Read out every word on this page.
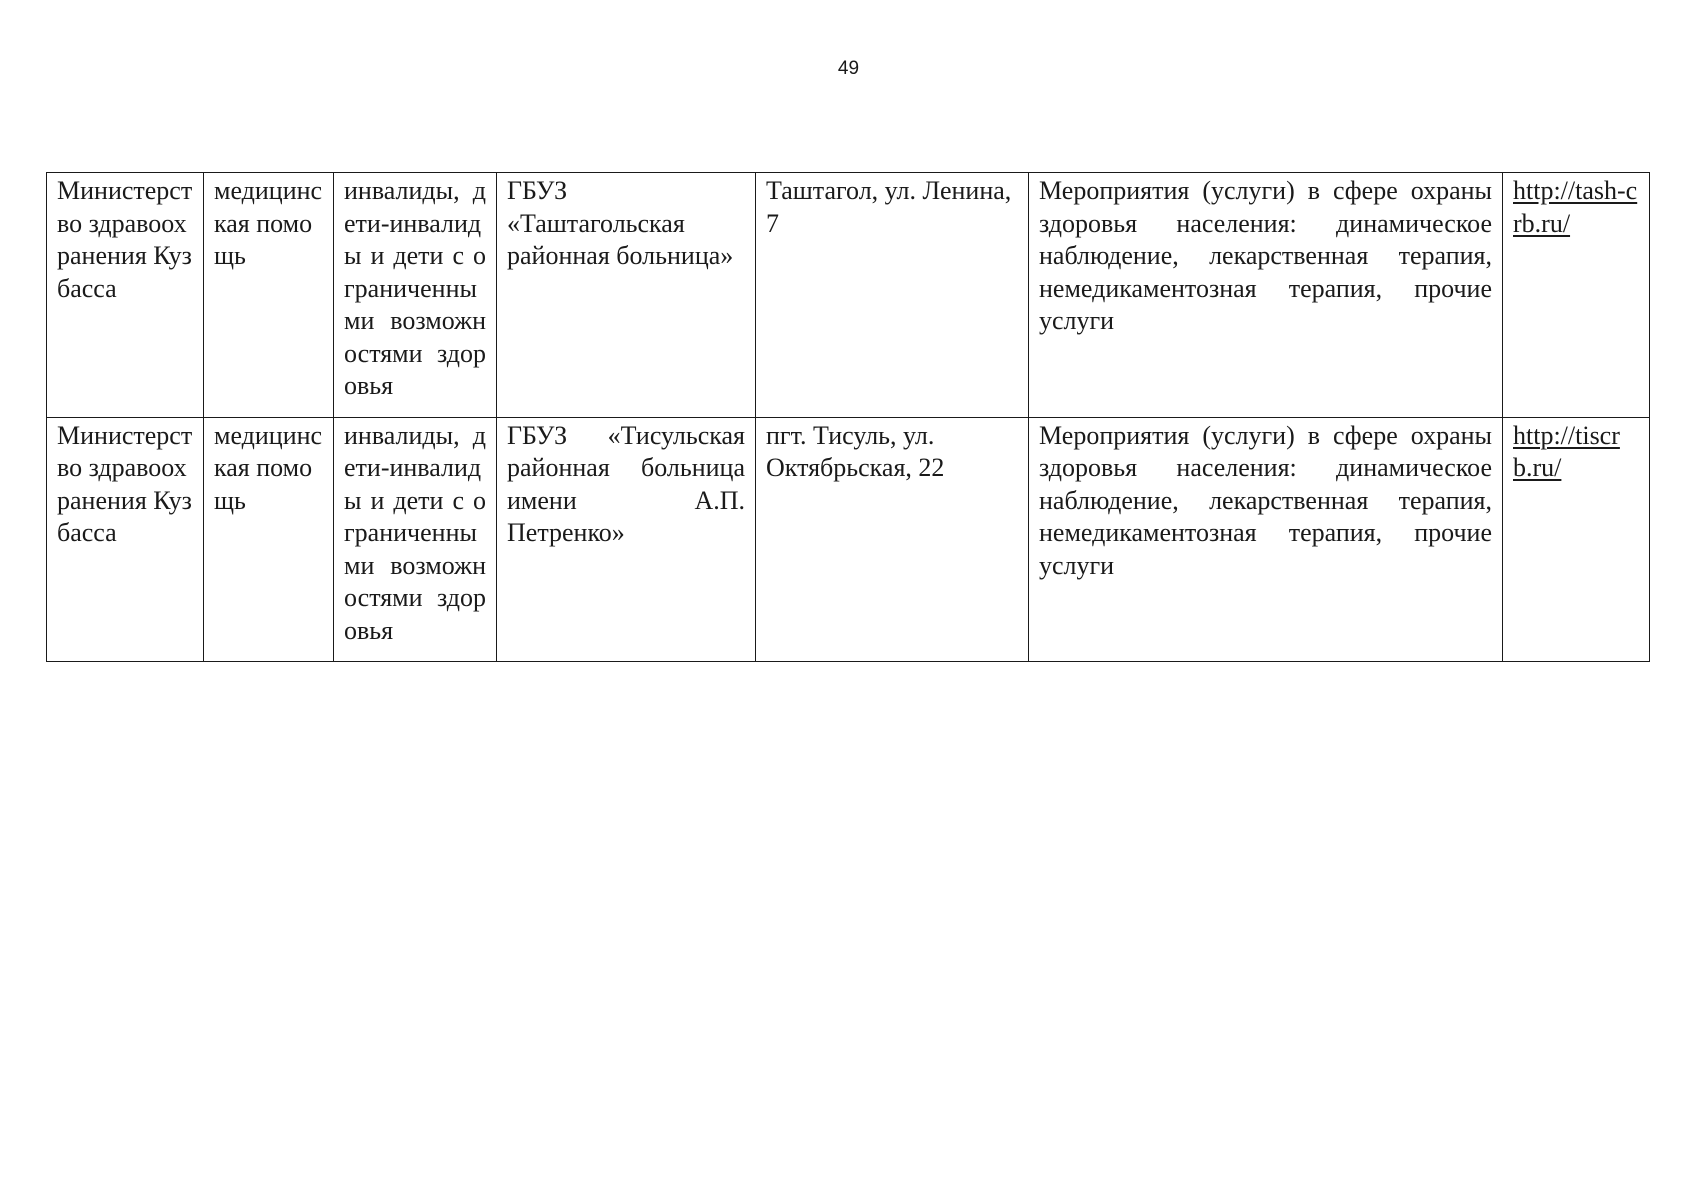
49
Министерство здравоохранения Кузбасса	медицинская помощь	инвалиды, дети-инвалиды и дети с ограниченными возможностями здоровья	ГБУЗ «Таштагольская районная больница»	Таштагол, ул. Ленина, 7	Мероприятия (услуги) в сфере охраны здоровья населения: динамическое наблюдение, лекарственная терапия, немедикаментозная терапия, прочие услуги	http://tash-crb.ru/
Министерство здравоохранения Кузбасса	медицинская помощь	инвалиды, дети-инвалиды и дети с ограниченными возможностями здоровья	ГБУЗ «Тисульская районная больница имени А.П. Петренко»	пгт. Тисуль, ул. Октябрьская, 22	Мероприятия (услуги) в сфере охраны здоровья населения: динамическое наблюдение, лекарственная терапия, немедикаментозная терапия, прочие услуги	http://tiscrb.ru/
